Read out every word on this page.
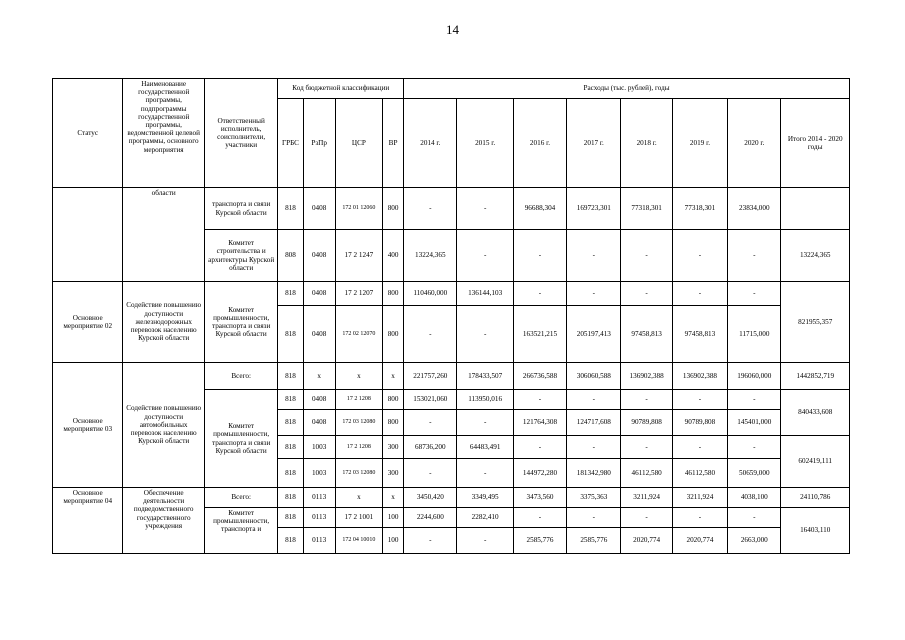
14
Статус	Наименование государственной программы, подпрограммы государственной программы, ведомственной целевой программы, основного мероприятия	Ответственный исполнитель, соисполнители, участники	Код бюджетной классификации				Расходы (тыс. рублей), годы							
			ГРБС	РзПр	ЦСР	ВР	2014 г.	2015 г.	2016 г.	2017 г.	2018 г.	2019 г.	2020 г.	Итого 2014 - 2020 годы
	области	транспорта и связи Курской области	818	0408	172 01 12060	800	-	-	96688,304	169723,301	77318,301	77318,301	23834,000	
		Комитет строительства и архитектуры Курской области	808	0408	17 2 1247	400	13224,365	-	-	-	-	-	-	13224,365
Основное мероприятие 02	Содействие повышению доступности железнодорожных перевозок населению Курской области	Комитет промышленности, транспорта и связи Курской области	818	0408	17 2 1207	800	110460,000	136144,103	-	-	-	-	-	821955,357
			818	0408	172 02 12070	800	-	-	163521,215	205197,413	97458,813	97458,813	11715,000	
Основное мероприятие 03	Содействие повышению доступности автомобильных перевозок населению Курской области	Всего:	818	х	х	х	221757,260	178433,507	266736,588	306060,588	136902,388	136902,388	196060,000	1442852,719
		Комитет промышленности, транспорта и связи Курской области	818	0408	17 2 1208	800	153021,060	113950,016	-	-	-	-	-	840433,608
			818	0408	172 03 12080	800	-	-	121764,308	124717,608	90789,808	90789,808	145401,000	
			818	1003	17 2 1208	300	68736,200	64483,491	-	-	-	-	-	602419,111
			818	1003	172 03 12080	300	-	-	144972,280	181342,980	46112,580	46112,580	50659,000	
Основное мероприятие 04	Обеспечение деятельности подведомственного государственного учреждения	Всего:	818	0113	х	х	3450,420	3349,495	3473,560	3375,363	3211,924	3211,924	4038,100	24110,786
		Комитет промышленности, транспорта и	818	0113	17 2 1001	100	2244,600	2282,410	-	-	-	-	-	16403,110
			818	0113	172 04 10010	100	-	-	2585,776	2585,776	2020,774	2020,774	2663,000	
